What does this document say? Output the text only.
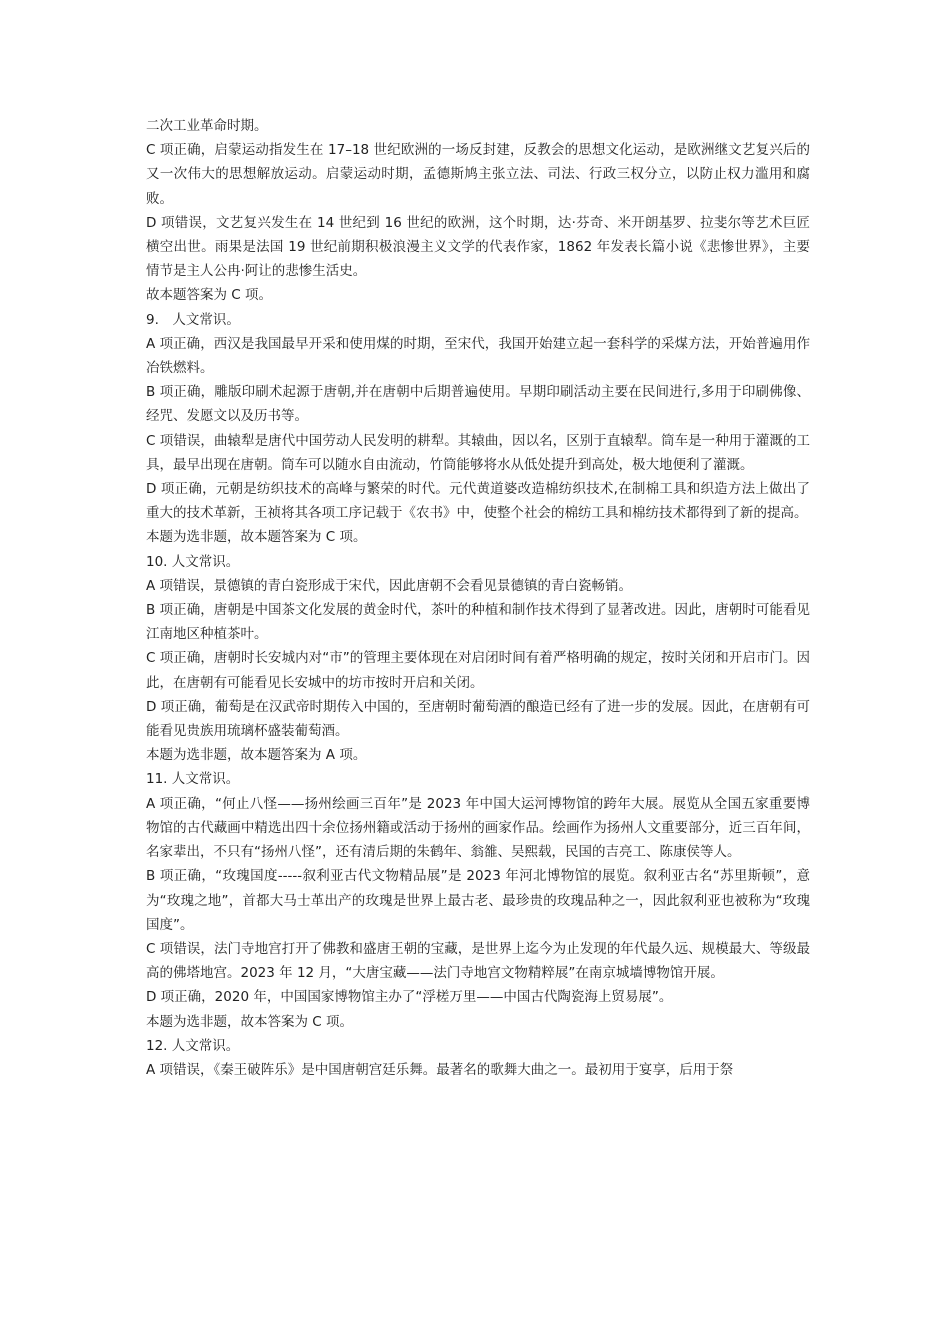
二次工业革命时期。

C 项正确，启蒙运动指发生在 17–18 世纪欧洲的一场反封建，反教会的思想文化运动，是欧洲继文艺复兴后的又一次伟大的思想解放运动。启蒙运动时期，孟德斯鸠主张立法、司法、行政三权分立，以防止权力滥用和腐败。

D 项错误，文艺复兴发生在 14 世纪到 16 世纪的欧洲，这个时期，达·芬奇、米开朗基罗、拉斐尔等艺术巨匠横空出世。雨果是法国 19 世纪前期积极浪漫主义文学的代表作家，1862 年发表长篇小说《悲惨世界》，主要情节是主人公冉·阿让的悲惨生活史。

故本题答案为 C 项。

9.　人文常识。

A 项正确，西汉是我国最早开采和使用煤的时期，至宋代，我国开始建立起一套科学的采煤方法，开始普遍用作冶铁燃料。

B 项正确，雕版印刷术起源于唐朝,并在唐朝中后期普遍使用。早期印刷活动主要在民间进行,多用于印刷佛像、经咒、发愿文以及历书等。

C 项错误，曲辕犁是唐代中国劳动人民发明的耕犁。其辕曲，因以名，区别于直辕犁。筒车是一种用于灌溉的工具，最早出现在唐朝。筒车可以随水自由流动，竹筒能够将水从低处提升到高处，极大地便利了灌溉。

D 项正确，元朝是纺织技术的高峰与繁荣的时代。元代黄道婆改造棉纺织技术,在制棉工具和织造方法上做出了重大的技术革新，王祯将其各项工序记载于《农书》中，使整个社会的棉纺工具和棉纺技术都得到了新的提高。

本题为选非题，故本题答案为 C 项。

10. 人文常识。

A 项错误，景德镇的青白瓷形成于宋代，因此唐朝不会看见景德镇的青白瓷畅销。

B 项正确，唐朝是中国茶文化发展的黄金时代，茶叶的种植和制作技术得到了显著改进。因此，唐朝时可能看见江南地区种植茶叶。

C 项正确，唐朝时长安城内对“市”的管理主要体现在对启闭时间有着严格明确的规定，按时关闭和开启市门。因此，在唐朝有可能看见长安城中的坊市按时开启和关闭。

D 项正确，葡萄是在汉武帝时期传入中国的，至唐朝时葡萄酒的酿造已经有了进一步的发展。因此，在唐朝有可能看见贵族用琉璃杯盛装葡萄酒。

本题为选非题，故本题答案为 A 项。

11. 人文常识。

A 项正确，“何止八怪——扬州绘画三百年”是 2023 年中国大运河博物馆的跨年大展。展览从全国五家重要博物馆的古代藏画中精选出四十余位扬州籍或活动于扬州的画家作品。绘画作为扬州人文重要部分，近三百年间，名家辈出，不只有“扬州八怪”，还有清后期的朱鹤年、翁雒、吴熙载，民国的吉亮工、陈康侯等人。

B 项正确，“玫瑰国度-----叙利亚古代文物精品展”是 2023 年河北博物馆的展览。叙利亚古名“苏里斯顿”，意为“玫瑰之地”，首都大马士革出产的玫瑰是世界上最古老、最珍贵的玫瑰品种之一，因此叙利亚也被称为“玫瑰国度”。

C 项错误，法门寺地宫打开了佛教和盛唐王朝的宝藏，是世界上迄今为止发现的年代最久远、规模最大、等级最高的佛塔地宫。2023 年 12 月，“大唐宝藏——法门寺地宫文物精粹展”在南京城墙博物馆开展。

D 项正确，2020 年，中国国家博物馆主办了“浮槎万里——中国古代陶瓷海上贸易展”。

本题为选非题，故本答案为 C 项。

12. 人文常识。

A 项错误，《秦王破阵乐》是中国唐朝宫廷乐舞。最著名的歌舞大曲之一。最初用于宴享，后用于祭
